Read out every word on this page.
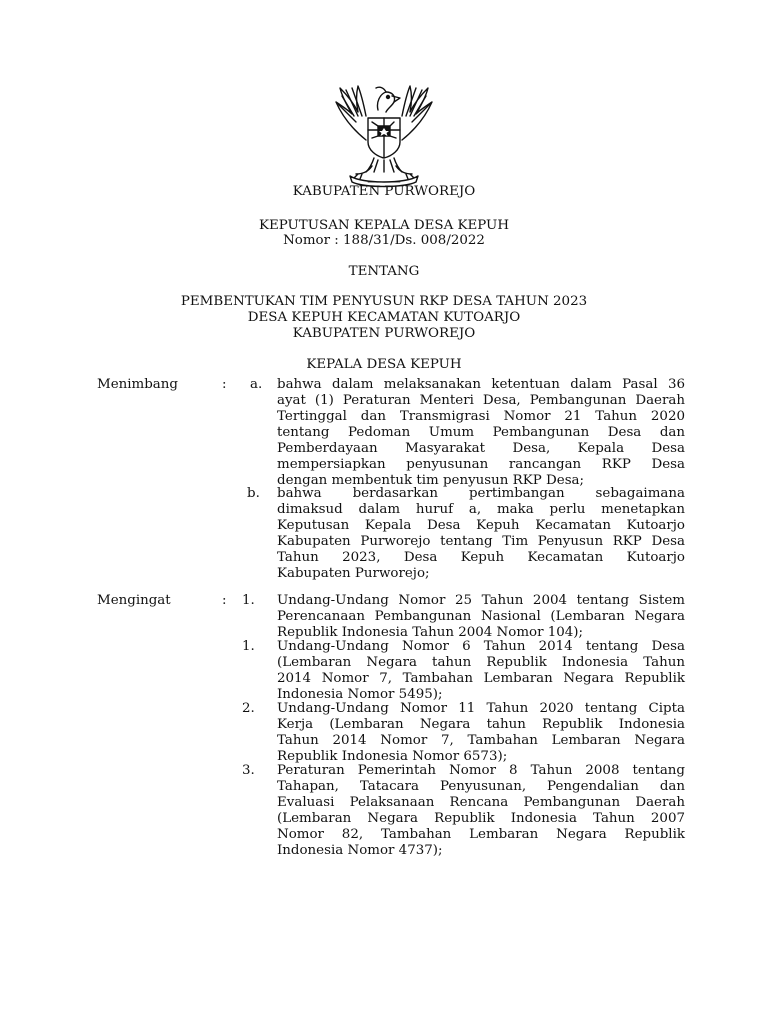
KABUPATEN PURWOREJO
KEPUTUSAN KEPALA DESA KEPUH
Nomor : 188/31/Ds. 008/2022
TENTANG
PEMBENTUKAN TIM PENYUSUN RKP DESA TAHUN 2023
DESA KEPUH KECAMATAN KUTOARJO
KABUPATEN PURWOREJO
KEPALA DESA KEPUH
Menimbang	: a. bahwa dalam melaksanakan ketentuan dalam Pasal 36
ayat (1) Peraturan Menteri Desa, Pembangunan Daerah
Tertinggal dan Transmigrasi Nomor 21 Tahun 2020
tentang Pedoman Umum Pembangunan Desa dan
Pemberdayaan Masyarakat Desa, Kepala Desa
mempersiapkan penyusunan rancangan RKP Desa
dengan membentuk tim penyusun RKP Desa;
b. bahwa berdasarkan pertimbangan sebagaimana
dimaksud dalam huruf a, maka perlu menetapkan
Keputusan Kepala Desa Kepuh Kecamatan Kutoarjo
Kabupaten Purworejo tentang Tim Penyusun RKP Desa
Tahun 2023, Desa Kepuh Kecamatan Kutoarjo
Kabupaten Purworejo;
Mengingat	: 1. Undang-Undang Nomor 25 Tahun 2004 tentang Sistem
Perencanaan Pembangunan Nasional (Lembaran Negara
Republik Indonesia Tahun 2004 Nomor 104);
1. Undang-Undang Nomor 6 Tahun 2014 tentang Desa
(Lembaran Negara tahun Republik Indonesia Tahun
2014 Nomor 7, Tambahan Lembaran Negara Republik
Indonesia Nomor 5495);
2. Undang-Undang Nomor 11 Tahun 2020 tentang Cipta
Kerja (Lembaran Negara tahun Republik Indonesia
Tahun 2014 Nomor 7, Tambahan Lembaran Negara
Republik Indonesia Nomor 6573);
3. Peraturan Pemerintah Nomor 8 Tahun 2008 tentang
Tahapan, Tatacara Penyusunan, Pengendalian dan
Evaluasi Pelaksanaan Rencana Pembangunan Daerah
(Lembaran Negara Republik Indonesia Tahun 2007
Nomor 82, Tambahan Lembaran Negara Republik
Indonesia Nomor 4737);
